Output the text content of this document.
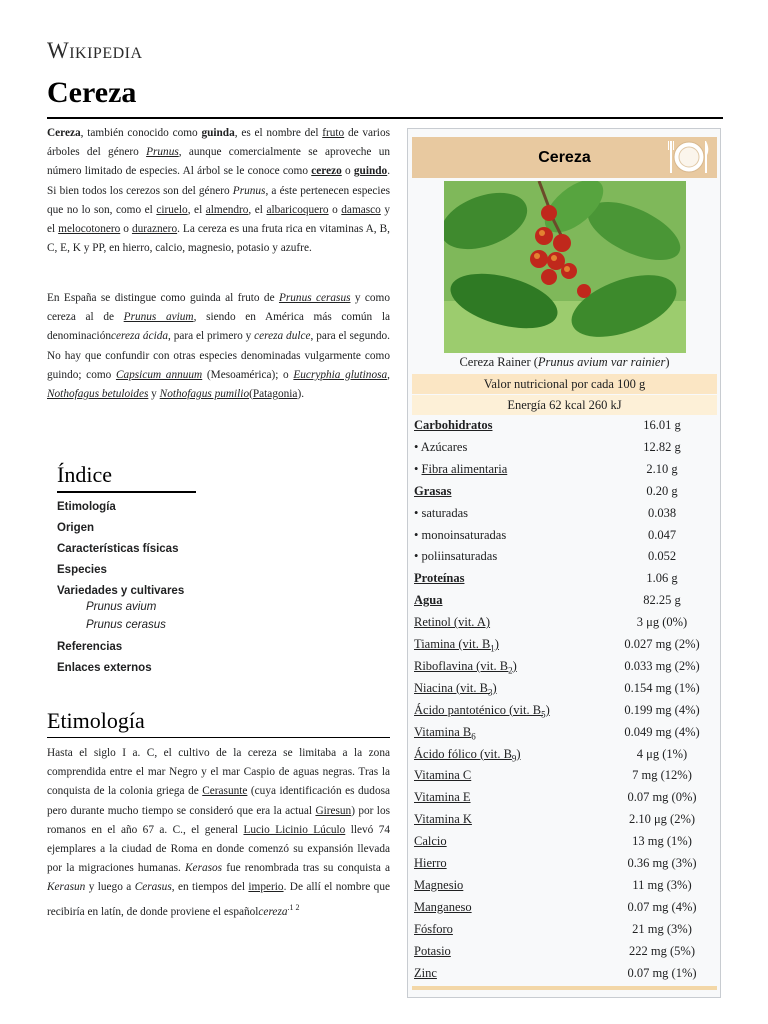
Wikipedia
Cereza
Cereza, también conocido como guinda, es el nombre del fruto de varios árboles del género Prunus, aunque comercialmente se aproveche un número limitado de especies. Al árbol se le conoce como cerezo o guindo. Si bien todos los cerezos son del género Prunus, a éste pertenecen especies que no lo son, como el ciruelo, el almendro, el albaricoquero o damasco y el melocotonero o duraznero. La cereza es una fruta rica en vitaminas A, B, C, E, K y PP, en hierro, calcio, magnesio, potasio y azufre.
En España se distingue como guinda al fruto de Prunus cerasus y como cereza al de Prunus avium, siendo en América más común la denominacióncereza ácida, para el primero y cereza dulce, para el segundo. No hay que confundir con otras especies denominadas vulgarmente como guindo; como Capsicum annuum (Mesoamérica); o Eucryphia glutinosa, Nothofagus betuloides y Nothofagus pumilio(Patagonia).
Índice
Etimología
Origen
Características físicas
Especies
Variedades y cultivares
Prunus avium
Prunus cerasus
Referencias
Enlaces externos
Etimología
Hasta el siglo I a. C, el cultivo de la cereza se limitaba a la zona comprendida entre el mar Negro y el mar Caspio de aguas negras. Tras la conquista de la colonia griega de Cerasunte (cuya identificación es dudosa pero durante mucho tiempo se consideró que era la actual Giresun) por los romanos en el año 67 a. C., el general Lucio Licinio Lúculo llevó 74 ejemplares a la ciudad de Roma en donde comenzó su expansión llevada por la migraciones humanas. Kerasos fue renombrada tras su conquista a Kerasun y luego a Cerasus, en tiempos del imperio. De allí el nombre que recibiría en latín, de donde proviene el españolcereza$^{.1 2}$
Cereza
Cereza Rainer (Prunus avium var rainier)
Valor nutricional por cada 100 g
Energía 62 kcal 260 kJ
Carbohidratos	16.01 g
• Azúcares	12.82 g
• Fibra alimentaria	2.10 g
Grasas	0.20 g
• saturadas	0.038
• monoinsaturadas	0.047
• poliinsaturadas	0.052
Proteínas	1.06 g
Agua	82.25 g
Retinol (vit. A)	3 μg (0%)
Tiamina (vit. $B_1$)	0.027 mg (2%)
Riboflavina (vit. $B_2$)	0.033 mg (2%)
Niacina (vit. $B_3$)	0.154 mg (1%)
Ácido pantoténico (vit. $B_5$)	0.199 mg (4%)
Vitamina $B_6$	0.049 mg (4%)
Ácido fólico (vit. $B_9$)	4 μg (1%)
Vitamina C	7 mg (12%)
Vitamina E	0.07 mg (0%)
Vitamina K	2.10 μg (2%)
Calcio	13 mg (1%)
Hierro	0.36 mg (3%)
Magnesio	11 mg (3%)
Manganeso	0.07 mg (4%)
Fósforo	21 mg (3%)
Potasio	222 mg (5%)
Zinc	0.07 mg (1%)
